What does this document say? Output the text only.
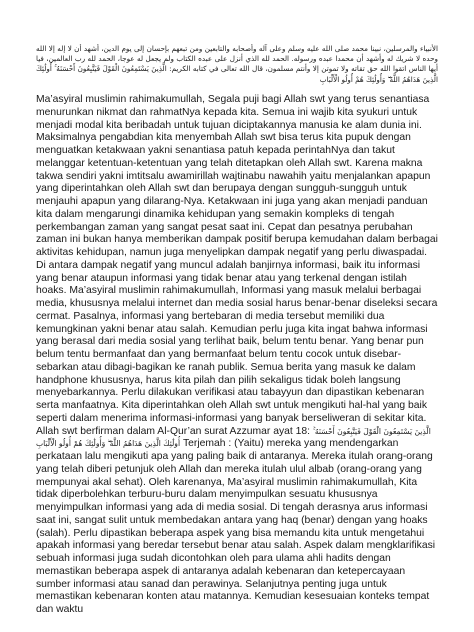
الأنبياء والمرسلين، نبينا محمد صلى الله عليه وسلم وعلى آله وأصحابه والتابعين ومن تبعهم بإحسان إلى يوم الدين، أشهد أن لا إله إلا الله وحده لا شريك له وأشهد أن محمدا عبده ورسوله. الحمد لله الذي أنزل على عبده الكتاب ولم يجعل له عوجا، الحمد لله رب العالمين، فيا أيها الناس اتقوا الله حق تقاته ولا تموتن إلا وأنتم مسلمون، قال الله تعالى في كتابه الكريم: الَّذِينَ يَسْتَمِعُونَ الْقَوْلَ فَيَتَّبِعُونَ أَحْسَنَهُ ۚ أُولَٰئِكَ الَّذِينَ هَدَاهُمُ اللَّهُ ۖ وَأُولَٰئِكَ هُمْ أُولُو الْأَلْبَابِ

Ma’asyiral muslimin rahimakumullah, Segala puji bagi Allah swt yang terus senantiasa menurunkan nikmat dan rahmatNya kepada kita. Semua ini wajib kita syukuri untuk menjadi modal kita beribadah untuk tujuan diciptakannya manusia ke alam dunia ini. Maksimalnya pengabdian kita menyembah Allah swt bisa terus kita pupuk dengan menguatkan ketakwaan yakni senantiasa patuh kepada perintahNya dan takut melanggar ketentuan-ketentuan yang telah ditetapkan oleh Allah swt. Karena makna takwa sendiri yakni imtitsalu awamirillah wajtinabu nawahih yaitu menjalankan apapun yang diperintahkan oleh Allah swt dan berupaya dengan sungguh-sungguh untuk menjauhi apapun yang dilarang-Nya. Ketakwaan ini juga yang akan menjadi panduan kita dalam mengarungi dinamika kehidupan yang semakin kompleks di tengah perkembangan zaman yang sangat pesat saat ini. Cepat dan pesatnya perubahan zaman ini bukan hanya memberikan dampak positif berupa kemudahan dalam berbagai aktivitas kehidupan, namun juga menyelipkan dampak negatif yang perlu diwaspadai. Di antara dampak negatif yang muncul adalah banjirnya informasi, baik itu informasi yang benar ataupun informasi yang tidak benar atau yang terkenal dengan istilah hoaks. Ma’asyiral muslimin rahimakumullah, Informasi yang masuk melalui berbagai media, khususnya melalui internet dan media sosial harus benar-benar diseleksi secara cermat. Pasalnya, informasi yang bertebaran di media tersebut memiliki dua kemungkinan yakni benar atau salah. Kemudian perlu juga kita ingat bahwa informasi yang berasal dari media sosial yang terlihat baik, belum tentu benar. Yang benar pun belum tentu bermanfaat dan yang bermanfaat belum tentu cocok untuk disebar-sebarkan atau dibagi-bagikan ke ranah publik. Semua berita yang masuk ke dalam handphone khususnya, harus kita pilah dan pilih sekaligus tidak boleh langsung menyebarkannya. Perlu dilakukan verifikasi atau tabayyun dan dipastikan kebenaran serta manfaatnya. Kita diperintahkan oleh Allah swt untuk mengikuti hal-hal yang baik seperti dalam menerima informasi-informasi yang banyak berseliweran di sekitar kita. Allah swt berfirman dalam Al-Qur’an surat Azzumar ayat 18: الَّذِينَ يَسْتَمِعُونَ الْقَوْلَ فَيَتَّبِعُونَ أَحْسَنَهُ ۚ أُولَٰئِكَ الَّذِينَ هَدَاهُمُ اللَّهُ ۖ وَأُولَٰئِكَ هُمْ أُولُو الْأَلْبَابِ Terjemah : (Yaitu) mereka yang mendengarkan perkataan lalu mengikuti apa yang paling baik di antaranya. Mereka itulah orang-orang yang telah diberi petunjuk oleh Allah dan mereka itulah ulul albab (orang-orang yang mempunyai akal sehat). Oleh karenanya, Ma’asyiral muslimin rahimakumullah, Kita tidak diperbolehkan terburu-buru dalam menyimpulkan sesuatu khususnya menyimpulkan informasi yang ada di media sosial. Di tengah derasnya arus informasi saat ini, sangat sulit untuk membedakan antara yang haq (benar) dengan yang hoaks (salah). Perlu dipastikan beberapa aspek yang bisa memandu kita untuk mengetahui apakah informasi yang beredar tersebut benar atau salah. Aspek dalam mengklarifikasi sebuah informasi juga sudah dicontohkan oleh para ulama ahli hadits dengan memastikan beberapa aspek di antaranya adalah kebenaran dan ketepercayaan sumber informasi atau sanad dan perawinya. Selanjutnya penting juga untuk memastikan kebenaran konten atau matannya. Kemudian kesesuaian konteks tempat dan waktu
